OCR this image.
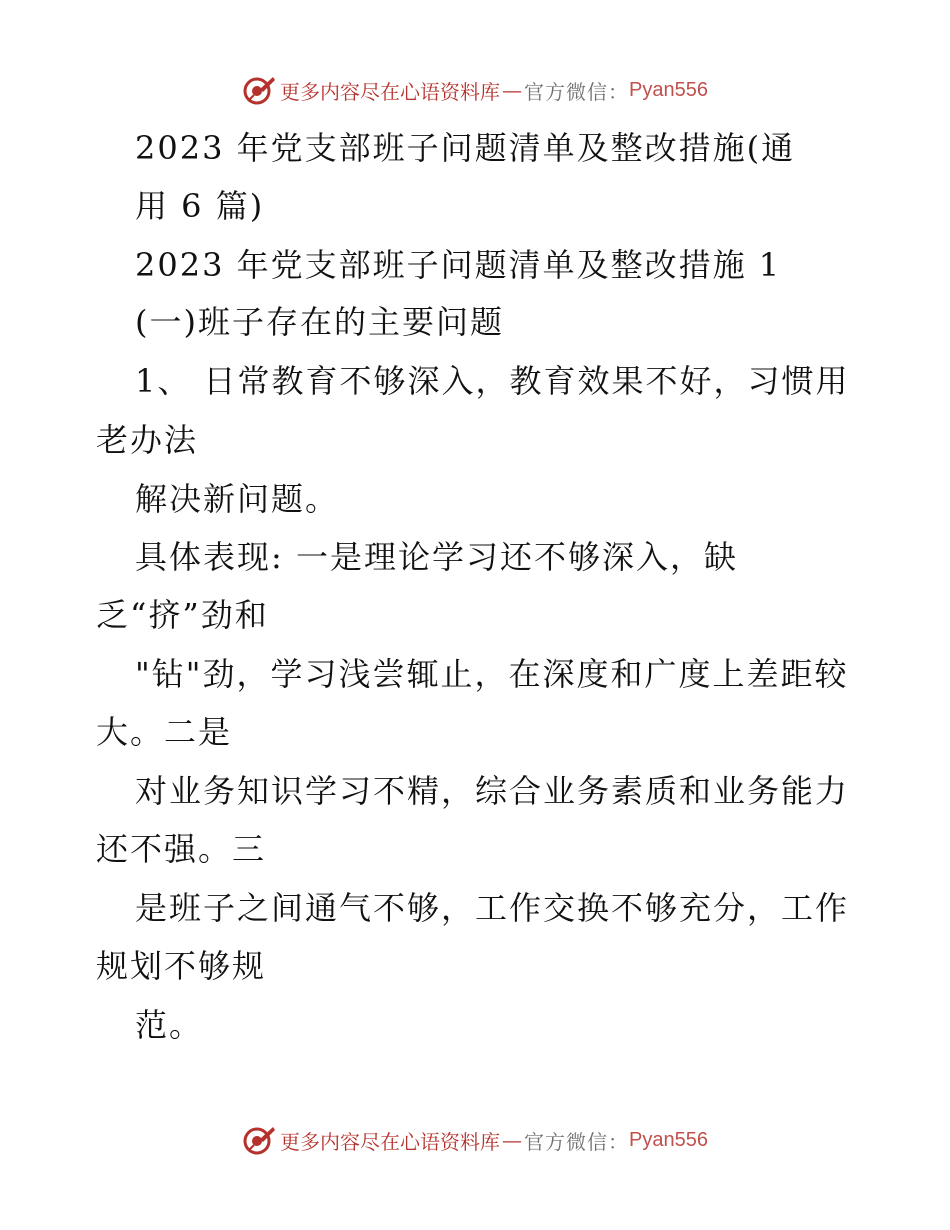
更多内容尽在心语资料库 — 官方微信： Pyan556
2023 年党支部班子问题清单及整改措施(通
用 6 篇)
2023 年党支部班子问题清单及整改措施 1
(一)班子存在的主要问题
1、 日常教育不够深入，教育效果不好，习惯用
老办法
解决新问题。
具体表现: 一是理论学习还不够深入，缺
乏“挤”劲和
"钻"劲，学习浅尝辄止，在深度和广度上差距较
大。二是
对业务知识学习不精，综合业务素质和业务能力
还不强。三
是班子之间通气不够，工作交换不够充分，工作
规划不够规
范。
更多内容尽在心语资料库 — 官方微信： Pyan556
